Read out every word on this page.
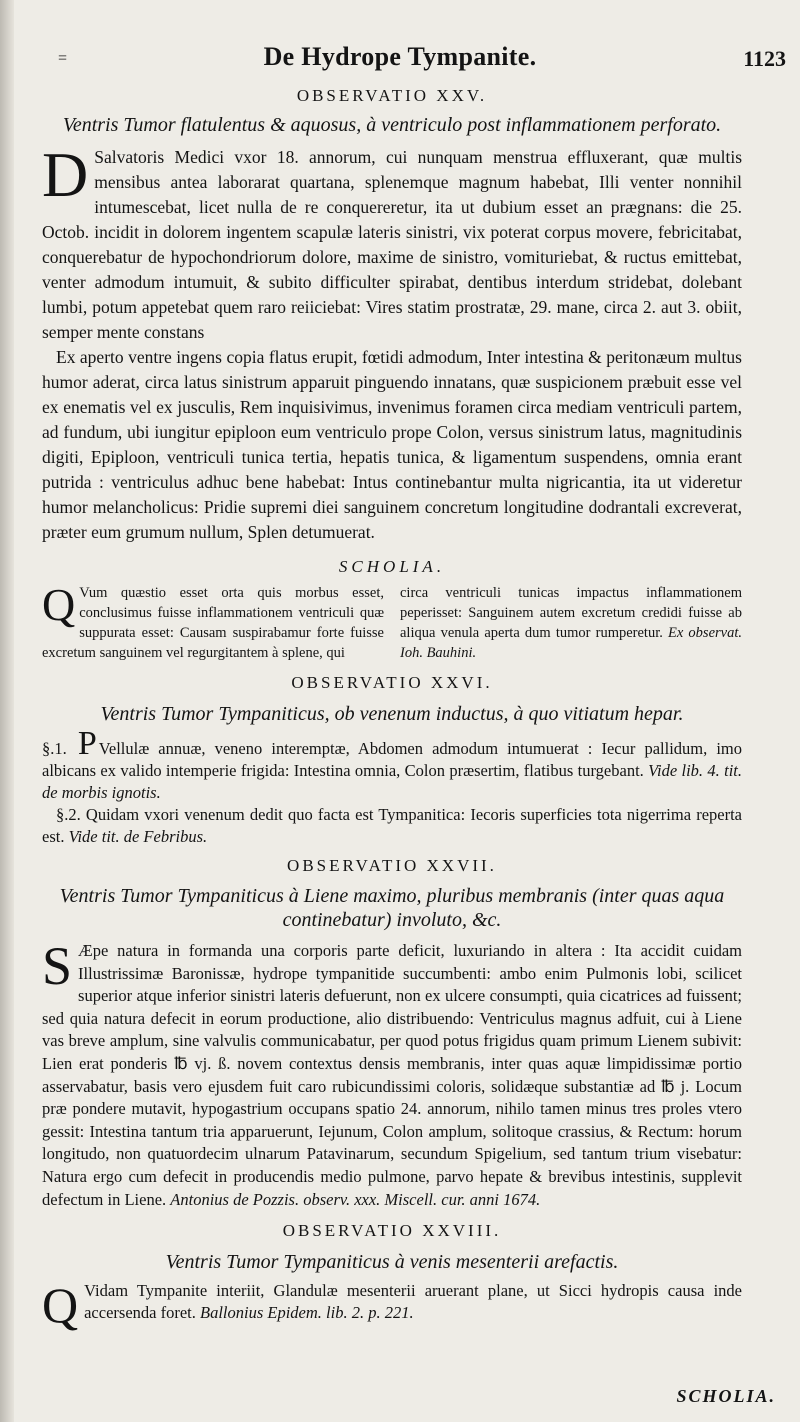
=	De Hydrope Tympanite.	1123

OBSERVATIO XXV.

Ventris Tumor flatulentus & aquosus, à ventriculo post inflammationem perforato.

D Salvatoris Medici vxor 18. annorum, cui nunquam menstrua effluxerant, quæ multis mensibus antea laborarat quartana, splenemque magnum habebat, Illi venter nonnihil intumescebat, licet nulla de re conquereretur, ita ut dubium esset an prægnans: die 25. Octob. incidit in dolorem ingentem scapulæ lateris sinistri, vix poterat corpus movere, febricitabat, conquerebatur de hypochondriorum dolore, maxime de sinistro, vomituriebat, & ructus emittebat, venter admodum intumuit, & subito difficulter spirabat, dentibus interdum stridebat, dolebant lumbi, potum appetebat quem raro reiiciebat: Vires statim prostratæ, 29. mane, circa 2. aut 3. obiit, semper mente constans

Ex aperto ventre ingens copia flatus erupit, fœtidi admodum, Inter intestina & peritonæum multus humor aderat, circa latus sinistrum apparuit pinguendo innatans, quæ suspicionem præbuit esse vel ex enematis vel ex jusculis, Rem inquisivimus, invenimus foramen circa mediam ventriculi partem, ad fundum, ubi iungitur epiploon eum ventriculo prope Colon, versus sinistrum latus, magnitudinis digiti, Epiploon, ventriculi tunica tertia, hepatis tunica, & ligamentum suspendens, omnia erant putrida : ventriculus adhuc bene habebat: Intus continebantur multa nigricantia, ita ut videretur humor melancholicus: Pridie supremi diei sanguinem concretum longitudine dodrantali excreverat, præter eum grumum nullum, Splen detumuerat.

SCHOLIA.

Q Vum quæstio esset orta quis morbus esset, conclusimus fuisse inflammationem ventriculi quæ suppurata esset: Causam suspirabamur forte fuisse excretum sanguinem vel regurgitantem à splene, qui
circa ventriculi tunicas impactus inflammationem peperisset: Sanguinem autem excretum credidi fuisse ab aliqua venula aperta dum tumor rumperetur. Ex observat. Ioh. Bauhini.

OBSERVATIO XXVI.

Ventris Tumor Tympaniticus, ob venenum inductus, à quo vitiatum hepar.

§.1. P Vellulæ annuæ, veneno interemptæ, Abdomen admodum intumuerat : Iecur pallidum, imo albicans ex valido intemperie frigida: Intestina omnia, Colon præsertim, flatibus turgebant. Vide lib. 4. tit. de morbis ignotis.

§.2. Quidam vxori venenum dedit quo facta est Tympanitica: Iecoris superficies tota nigerrima reperta est. Vide tit. de Febribus.

OBSERVATIO XXVII.

Ventris Tumor Tympaniticus à Liene maximo, pluribus membranis (inter quas aqua continebatur) involuto, &c.

S Æpe natura in formanda una corporis parte deficit, luxuriando in altera : Ita accidit cuidam Illustrissimæ Baronissæ, hydrope tympanitide succumbenti: ambo enim Pulmonis lobi, scilicet superior atque inferior sinistri lateris defuerunt, non ex ulcere consumpti, quia cicatrices ad fuissent; sed quia natura defecit in eorum productione, alio distribuendo: Ventriculus magnus adfuit, cui à Liene vas breve amplum, sine valvulis communicabatur, per quod potus frigidus quam primum Lienem subivit: Lien erat ponderis ℔ vj. ß. novem contextus densis membranis, inter quas aquæ limpidissimæ portio asservabatur, basis vero ejusdem fuit caro rubicundissimi coloris, solidæque substantiæ ad ℔ j. Locum præ pondere mutavit, hypogastrium occupans spatio 24. annorum, nihilo tamen minus tres proles vtero gessit: Intestina tantum tria apparuerunt, Iejunum, Colon amplum, solitoque crassius, & Rectum: horum longitudo, non quatuordecim ulnarum Patavinarum, secundum Spigelium, sed tantum trium visebatur: Natura ergo cum defecit in producendis medio pulmone, parvo hepate & brevibus intestinis, supplevit defectum in Liene. Antonius de Pozzis. observ. xxx. Miscell. cur. anni 1674.

OBSERVATIO XXVIII.

Ventris Tumor Tympaniticus à venis mesenterii arefactis.

Q Vidam Tympanite interiit, Glandulæ mesenterii aruerant plane, ut Sicci hydropis causa inde accersenda foret. Ballonius Epidem. lib. 2. p. 221.

SCHOLIA.
